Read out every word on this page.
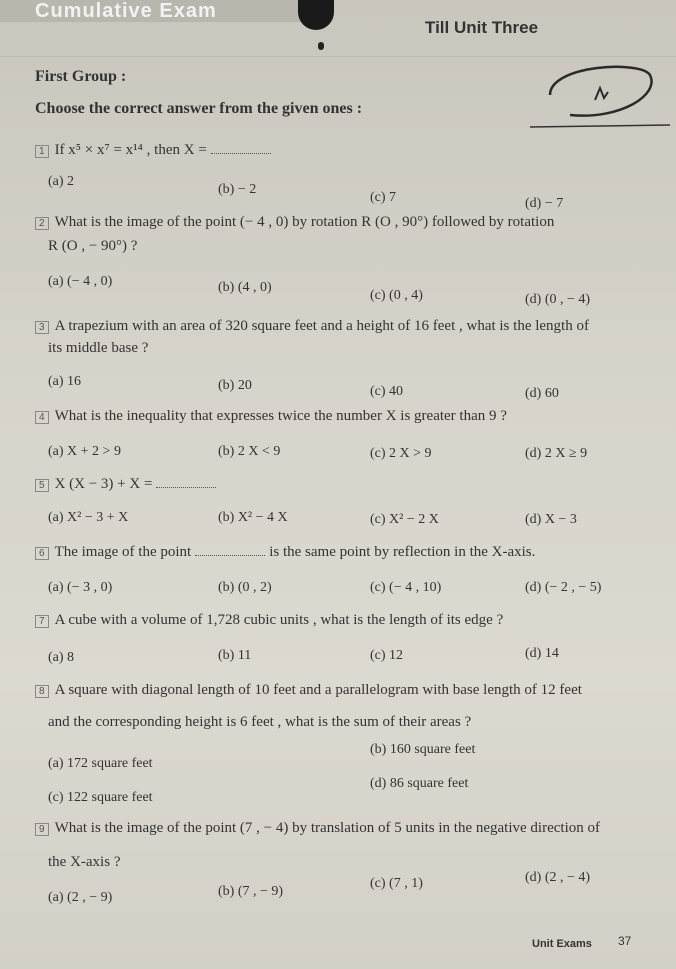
Cumulative Exam
Till Unit Three
First Group :
Choose the correct answer from the given ones :
1 If x⁵ × x⁷ = x¹⁴ , then X =
(a) 2
(b) − 2
(c) 7	(d) − 7
2 What is the image of the point (− 4 , 0) by rotation R (O , 90°) followed by rotation
R (O , − 90°) ?
(a) (− 4 , 0)	(b) (4 , 0)
(c) (0 , 4)	(d) (0 , − 4)
3 A trapezium with an area of 320 square feet and a height of 16 feet , what is the length of
its middle base ?
(a) 16	(b) 20	(c) 40	(d) 60
4 What is the inequality that expresses twice the number X is greater than 9 ?
(a) X + 2 > 9	(b) 2 X < 9	(c) 2 X > 9	(d) 2 X ≥ 9
5 X (X − 3) + X =
(a) X² − 3 + X	(b) X² − 4 X	(c) X² − 2 X	(d) X − 3
6 The image of the point	is the same point by reflection in the X-axis.
(a) (− 3 , 0)	(b) (0 , 2)	(c) (− 4 , 10)	(d) (− 2 , − 5)
7 A cube with a volume of 1,728 cubic units , what is the length of its edge ?
(a) 8	(b) 11	(c) 12	(d) 14
8 A square with diagonal length of 10 feet and a parallelogram with base length of 12 feet
and the corresponding height is 6 feet , what is the sum of their areas ?
(a) 172 square feet
(b) 160 square feet
(c) 122 square feet
(d) 86 square feet
9 What is the image of the point (7 , − 4) by translation of 5 units in the negative direction of
the X-axis ?
(a) (2 , − 9)	(b) (7 , − 9)
(c) (7 , 1)	(d) (2 , − 4)
Unit Exams 37
